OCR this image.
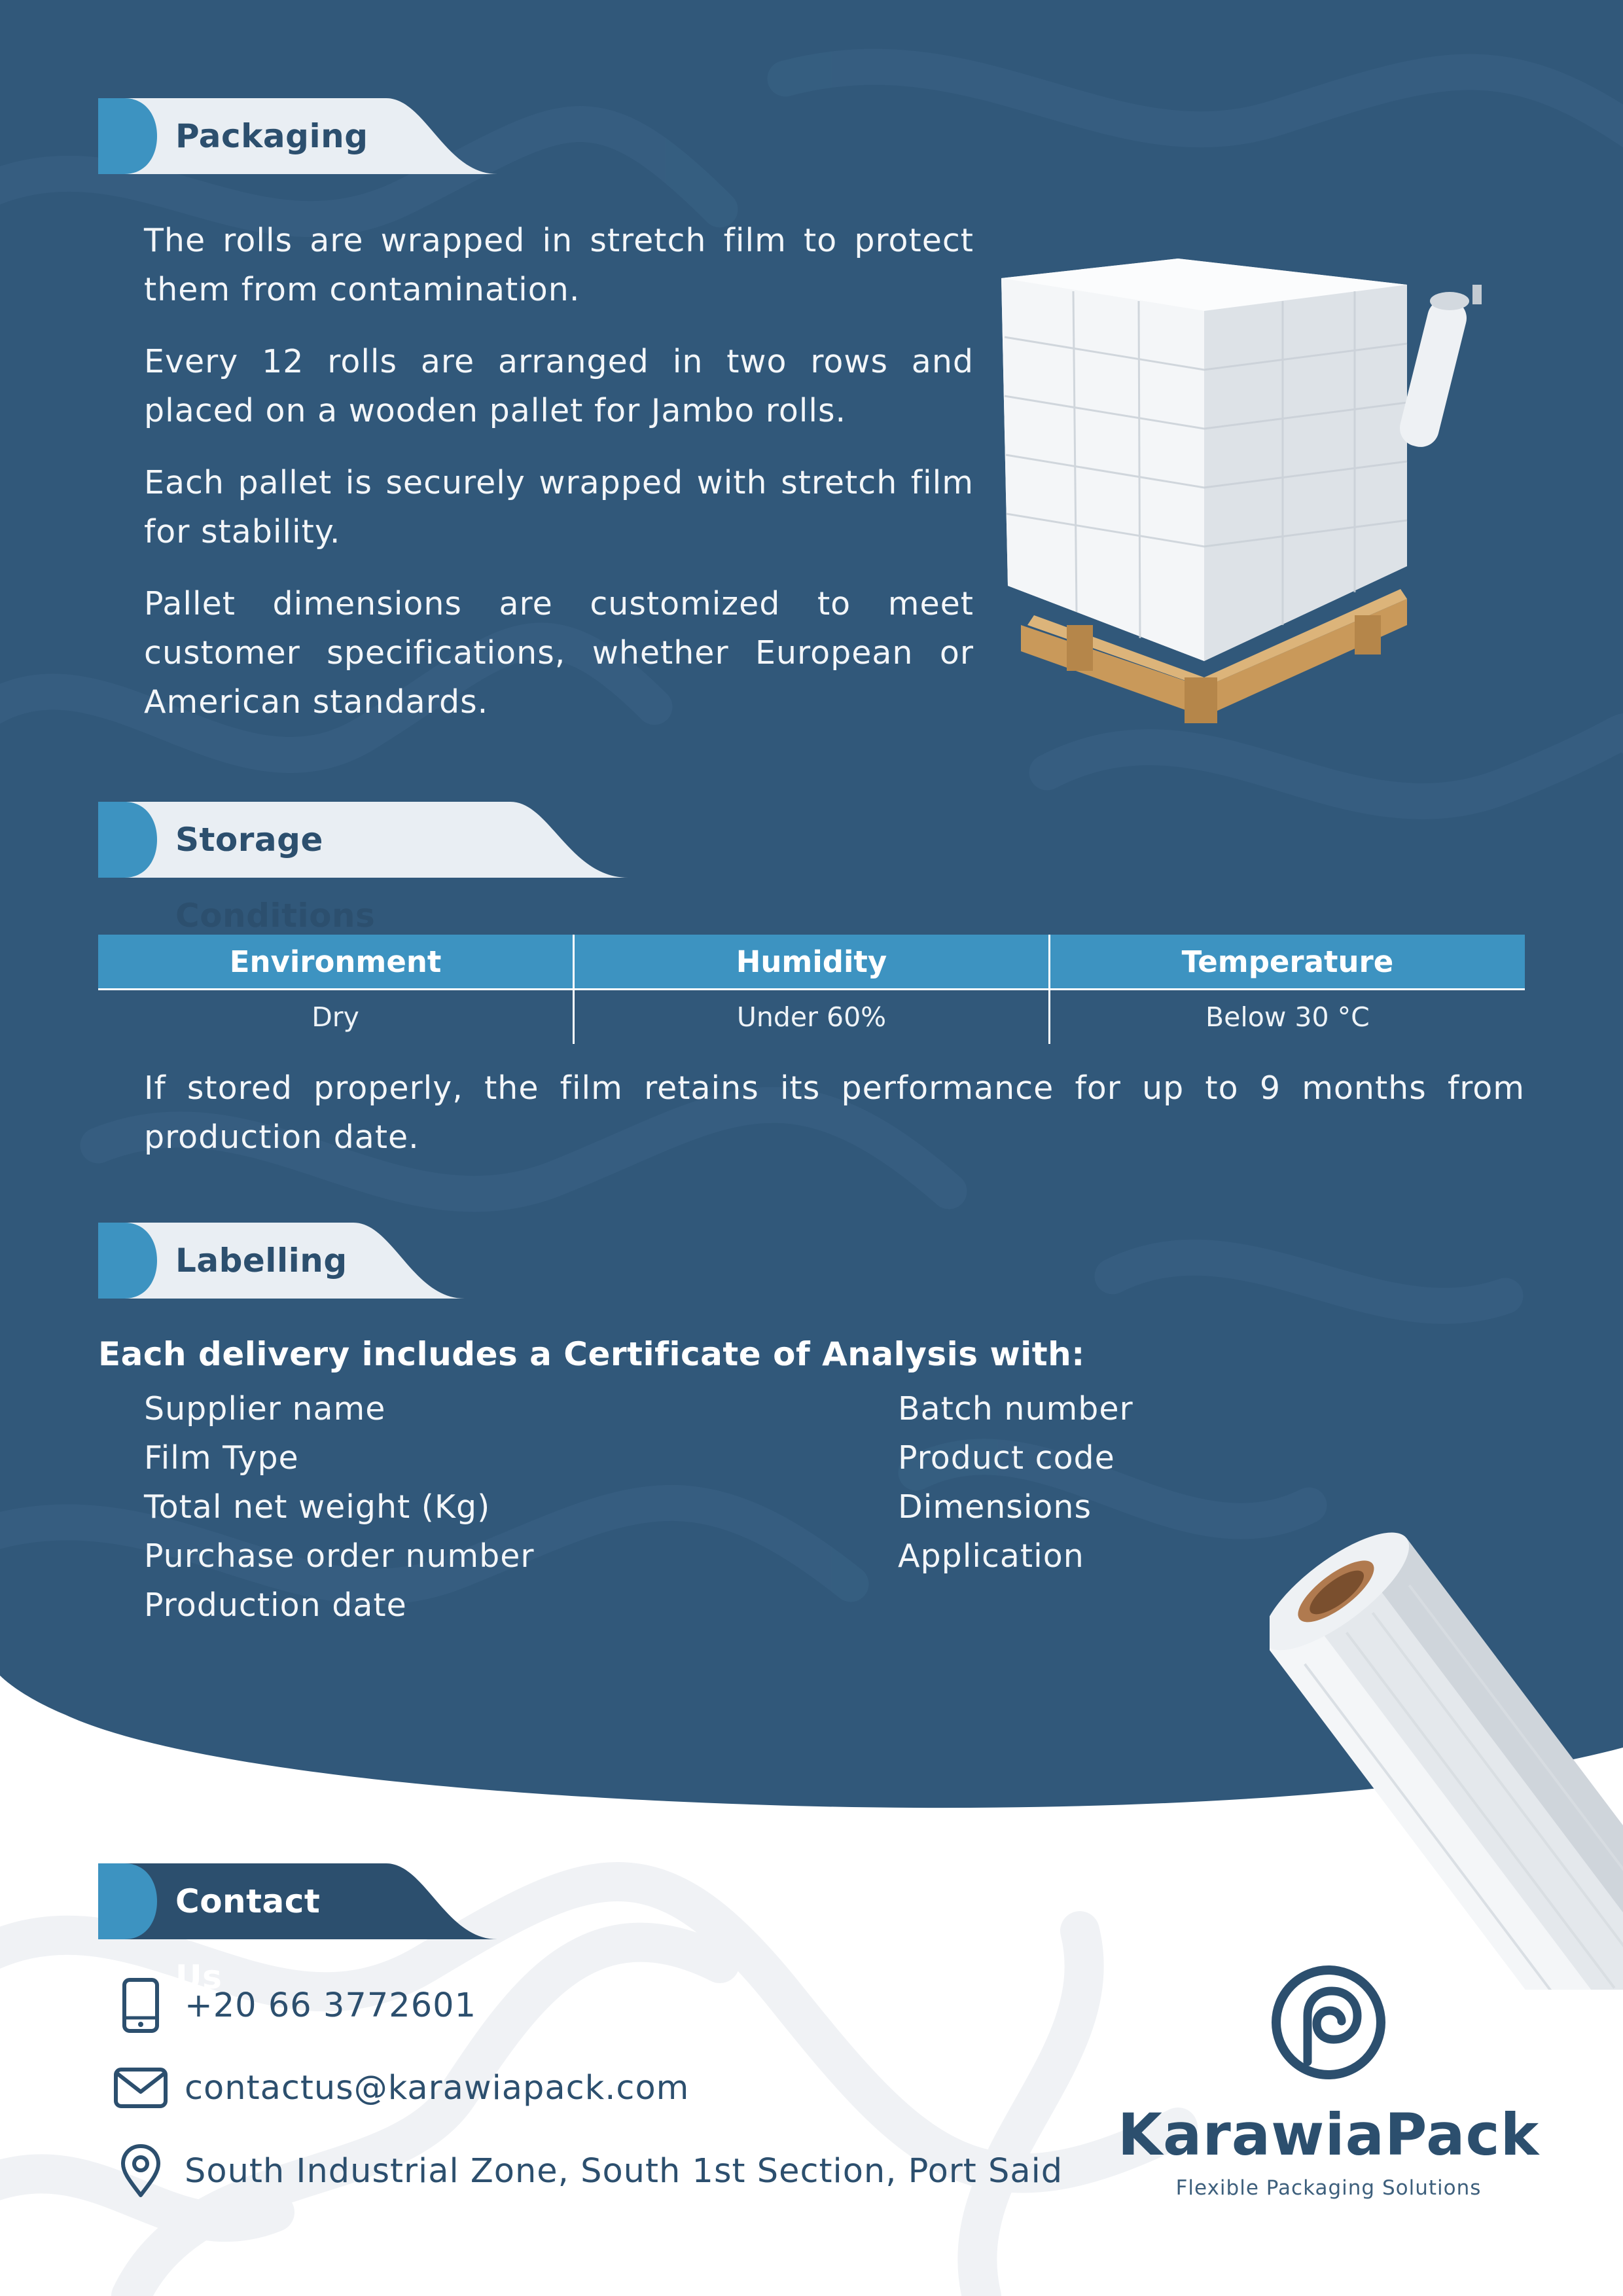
Packaging

The rolls are wrapped in stretch film to protect them from contamination.

Every 12 rolls are arranged in two rows and placed on a wooden pallet for Jambo rolls.

Each pallet is securely wrapped with stretch film for stability.

Pallet dimensions are customized to meet customer specifications, whether European or American standards.

Storage Conditions
Environment	Humidity	Temperature
Dry	Under 60%	Below 30 °C

If stored properly, the film retains its performance for up to 9 months from production date.

Labelling

Each delivery includes a Certificate of Analysis with:

Supplier name
Film Type
Total net weight (Kg)
Purchase order number
Production date
Batch number
Product code
Dimensions
Application
Contact Us
+20 66 3772601
contactus@karawiapack.com
South Industrial Zone, South 1st Section, Port Said
KarawiaPack
Flexible Packaging Solutions
